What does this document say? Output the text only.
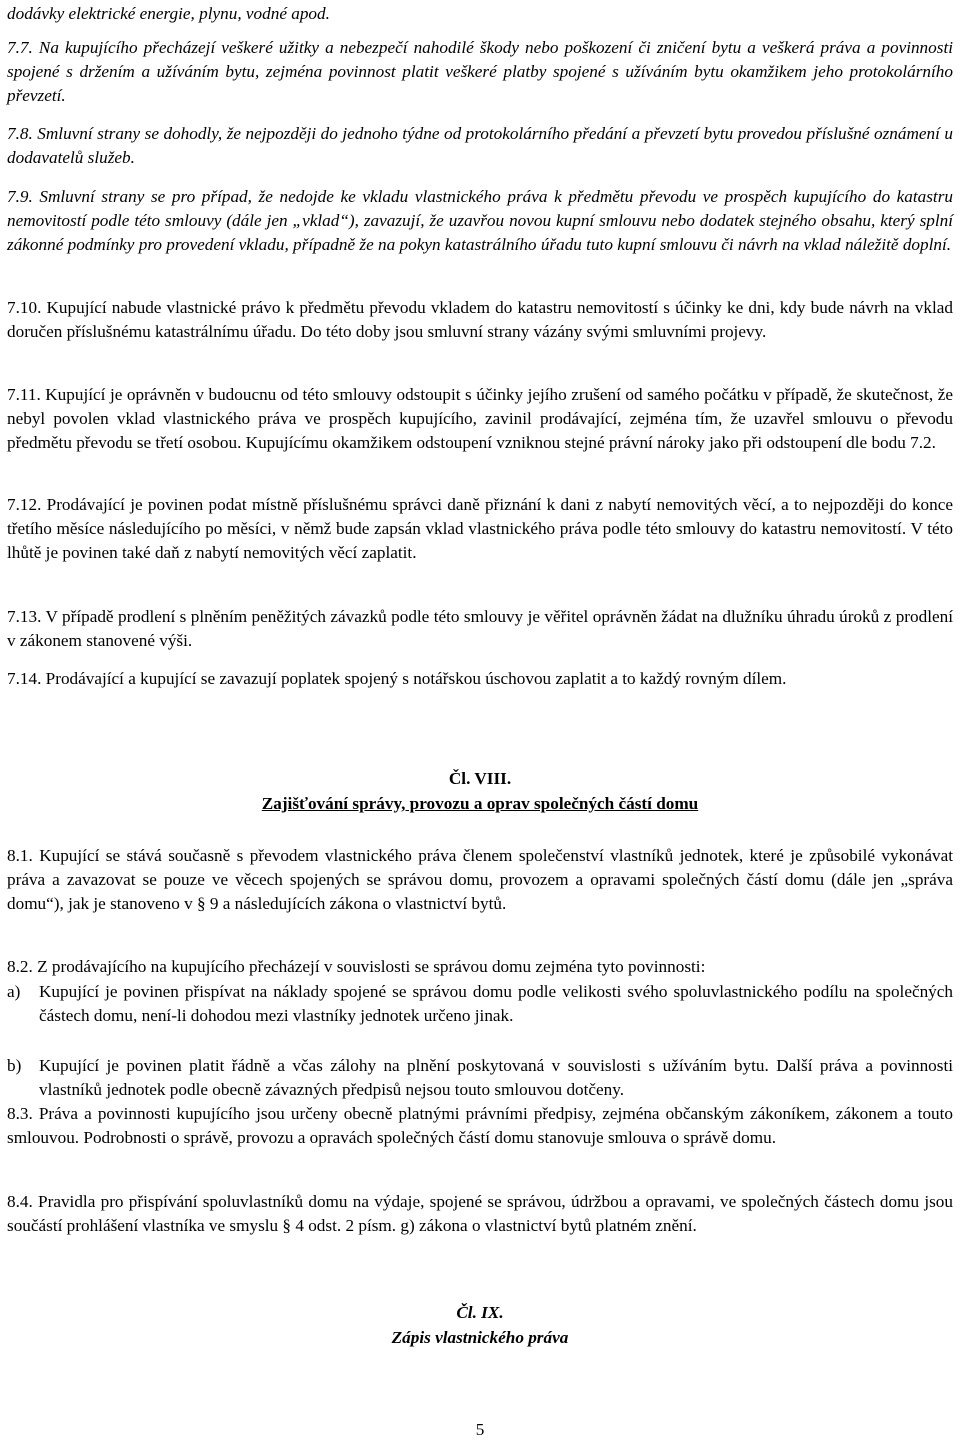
dodávky elektrické energie, plynu, vodné apod.

7.7. Na kupujícího přecházejí veškeré užitky a nebezpečí nahodilé škody nebo poškození či zničení bytu a veškerá práva a povinnosti spojené s držením a užíváním bytu, zejména povinnost platit veškeré platby spojené s užíváním bytu okamžikem jeho protokolárního převzetí.

7.8. Smluvní strany se dohodly, že nejpozději do jednoho týdne od protokolárního předání a převzetí bytu provedou příslušné oznámení u dodavatelů služeb.

7.9. Smluvní strany se pro případ, že nedojde ke vkladu vlastnického práva k předmětu převodu ve prospěch kupujícího do katastru nemovitostí podle této smlouvy (dále jen „vklad“), zavazují, že uzavřou novou kupní smlouvu nebo dodatek stejného obsahu, který splní zákonné podmínky pro provedení vkladu, případně že na pokyn katastrálního úřadu tuto kupní smlouvu či návrh na vklad náležitě doplní.

7.10. Kupující nabude vlastnické právo k předmětu převodu vkladem do katastru nemovitostí s účinky ke dni, kdy bude návrh na vklad doručen příslušnému katastrálnímu úřadu. Do této doby jsou smluvní strany vázány svými smluvními projevy.

7.11. Kupující je oprávněn v budoucnu od této smlouvy odstoupit s účinky jejího zrušení od samého počátku v případě, že skutečnost, že nebyl povolen vklad vlastnického práva ve prospěch kupujícího, zavinil prodávající, zejména tím, že uzavřel smlouvu o převodu předmětu převodu se třetí osobou. Kupujícímu okamžikem odstoupení vzniknou stejné právní nároky jako při odstoupení dle bodu 7.2.

7.12. Prodávající je povinen podat místně příslušnému správci daně přiznání k dani z nabytí nemovitých věcí, a to nejpozději do konce třetího měsíce následujícího po měsíci, v němž bude zapsán vklad vlastnického práva podle této smlouvy do katastru nemovitostí. V této lhůtě je povinen také daň z nabytí nemovitých věcí zaplatit.

7.13. V případě prodlení s plněním peněžitých závazků podle této smlouvy je věřitel oprávněn žádat na dlužníku úhradu úroků z prodlení v zákonem stanovené výši.

7.14. Prodávající a kupující se zavazují poplatek spojený s notářskou úschovou zaplatit a to každý rovným dílem.

Čl. VIII.

Zajišťování správy, provozu a oprav společných částí domu

8.1. Kupující se stává současně s převodem vlastnického práva členem společenství vlastníků jednotek, které je způsobilé vykonávat práva a zavazovat se pouze ve věcech spojených se správou domu, provozem a opravami společných částí domu (dále jen „správa domu“), jak je stanoveno v § 9 a následujících zákona o vlastnictví bytů.

8.2. Z prodávajícího na kupujícího přecházejí v souvislosti se správou domu zejména tyto povinnosti:

a) Kupující je povinen přispívat na náklady spojené se správou domu podle velikosti svého spoluvlastnického podílu na společných částech domu, není-li dohodou mezi vlastníky jednotek určeno jinak.

b) Kupující je povinen platit řádně a včas zálohy na plnění poskytovaná v souvislosti s užíváním bytu. Další práva a povinnosti vlastníků jednotek podle obecně závazných předpisů nejsou touto smlouvou dotčeny.

8.3. Práva a povinnosti kupujícího jsou určeny obecně platnými právními předpisy, zejména občanským zákoníkem, zákonem a touto smlouvou. Podrobnosti o správě, provozu a opravách společných částí domu stanovuje smlouva o správě domu.

8.4. Pravidla pro přispívání spoluvlastníků domu na výdaje, spojené se správou, údržbou a opravami, ve společných částech domu jsou součástí prohlášení vlastníka ve smyslu § 4 odst. 2 písm. g) zákona o vlastnictví bytů platném znění.

Čl. IX.

Zápis vlastnického práva

5
